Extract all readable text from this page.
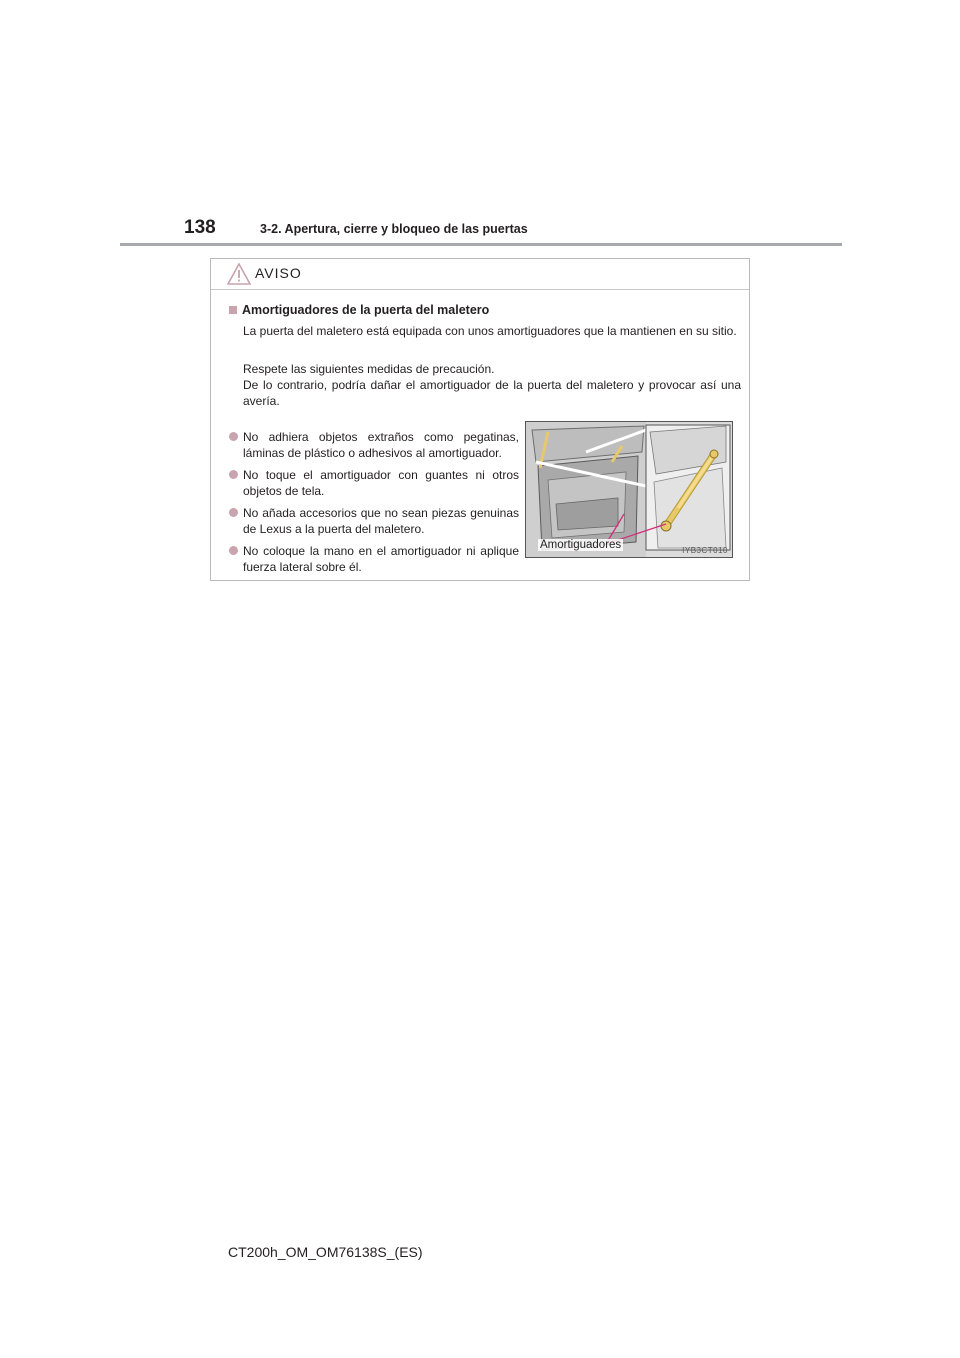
138	3-2. Apertura, cierre y bloqueo de las puertas
AVISO
Amortiguadores de la puerta del maletero
La puerta del maletero está equipada con unos amortiguadores que la mantienen en su sitio.
Respete las siguientes medidas de precaución.
De lo contrario, podría dañar el amortiguador de la puerta del maletero y provocar así una avería.
No adhiera objetos extraños como pegatinas, láminas de plástico o adhesivos al amortiguador.
No toque el amortiguador con guantes ni otros objetos de tela.
No añada accesorios que no sean piezas genuinas de Lexus a la puerta del maletero.
No coloque la mano en el amortiguador ni aplique fuerza lateral sobre él.
Amortiguadores	IYB3CT010
CT200h_OM_OM76138S_(ES)
